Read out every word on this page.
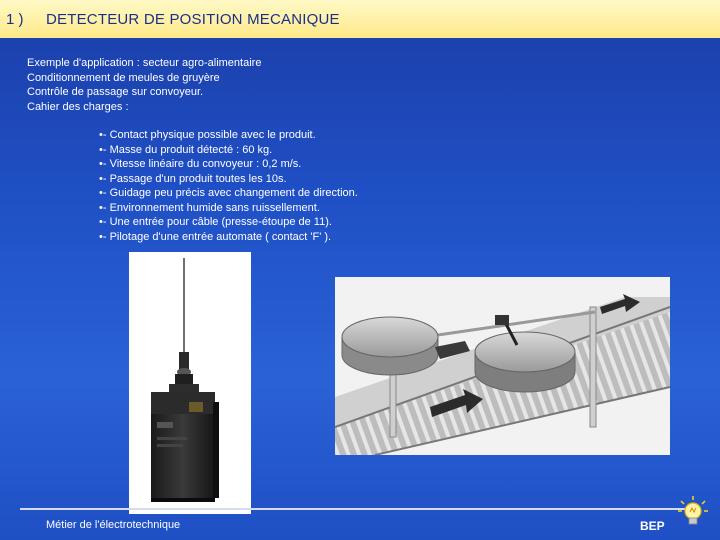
1 ) DETECTEUR DE POSITION MECANIQUE
Exemple d'application : secteur agro-alimentaire
Conditionnement de meules de gruyère
Contrôle de passage sur convoyeur.
Cahier des charges :
•- Contact physique possible avec le produit.
•- Masse du produit détecté : 60 kg.
•- Vitesse linéaire du convoyeur : 0,2 m/s.
•- Passage d'un produit toutes les 10s.
•- Guidage peu précis avec changement de direction.
•- Environnement humide sans ruissellement.
•- Une entrée pour câble (presse-étoupe de 11).
•- Pilotage d'une entrée automate ( contact 'F' ).
Métier de l'électrotechnique	BEP
